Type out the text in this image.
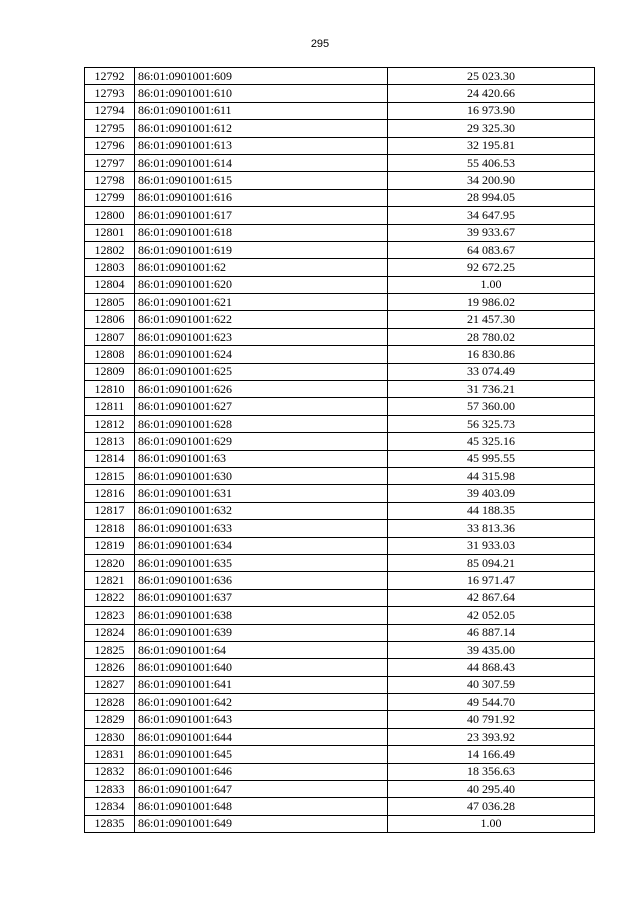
295
12792	86:01:0901001:609	25 023.30
12793	86:01:0901001:610	24 420.66
12794	86:01:0901001:611	16 973.90
12795	86:01:0901001:612	29 325.30
12796	86:01:0901001:613	32 195.81
12797	86:01:0901001:614	55 406.53
12798	86:01:0901001:615	34 200.90
12799	86:01:0901001:616	28 994.05
12800	86:01:0901001:617	34 647.95
12801	86:01:0901001:618	39 933.67
12802	86:01:0901001:619	64 083.67
12803	86:01:0901001:62	92 672.25
12804	86:01:0901001:620	1.00
12805	86:01:0901001:621	19 986.02
12806	86:01:0901001:622	21 457.30
12807	86:01:0901001:623	28 780.02
12808	86:01:0901001:624	16 830.86
12809	86:01:0901001:625	33 074.49
12810	86:01:0901001:626	31 736.21
12811	86:01:0901001:627	57 360.00
12812	86:01:0901001:628	56 325.73
12813	86:01:0901001:629	45 325.16
12814	86:01:0901001:63	45 995.55
12815	86:01:0901001:630	44 315.98
12816	86:01:0901001:631	39 403.09
12817	86:01:0901001:632	44 188.35
12818	86:01:0901001:633	33 813.36
12819	86:01:0901001:634	31 933.03
12820	86:01:0901001:635	85 094.21
12821	86:01:0901001:636	16 971.47
12822	86:01:0901001:637	42 867.64
12823	86:01:0901001:638	42 052.05
12824	86:01:0901001:639	46 887.14
12825	86:01:0901001:64	39 435.00
12826	86:01:0901001:640	44 868.43
12827	86:01:0901001:641	40 307.59
12828	86:01:0901001:642	49 544.70
12829	86:01:0901001:643	40 791.92
12830	86:01:0901001:644	23 393.92
12831	86:01:0901001:645	14 166.49
12832	86:01:0901001:646	18 356.63
12833	86:01:0901001:647	40 295.40
12834	86:01:0901001:648	47 036.28
12835	86:01:0901001:649	1.00
